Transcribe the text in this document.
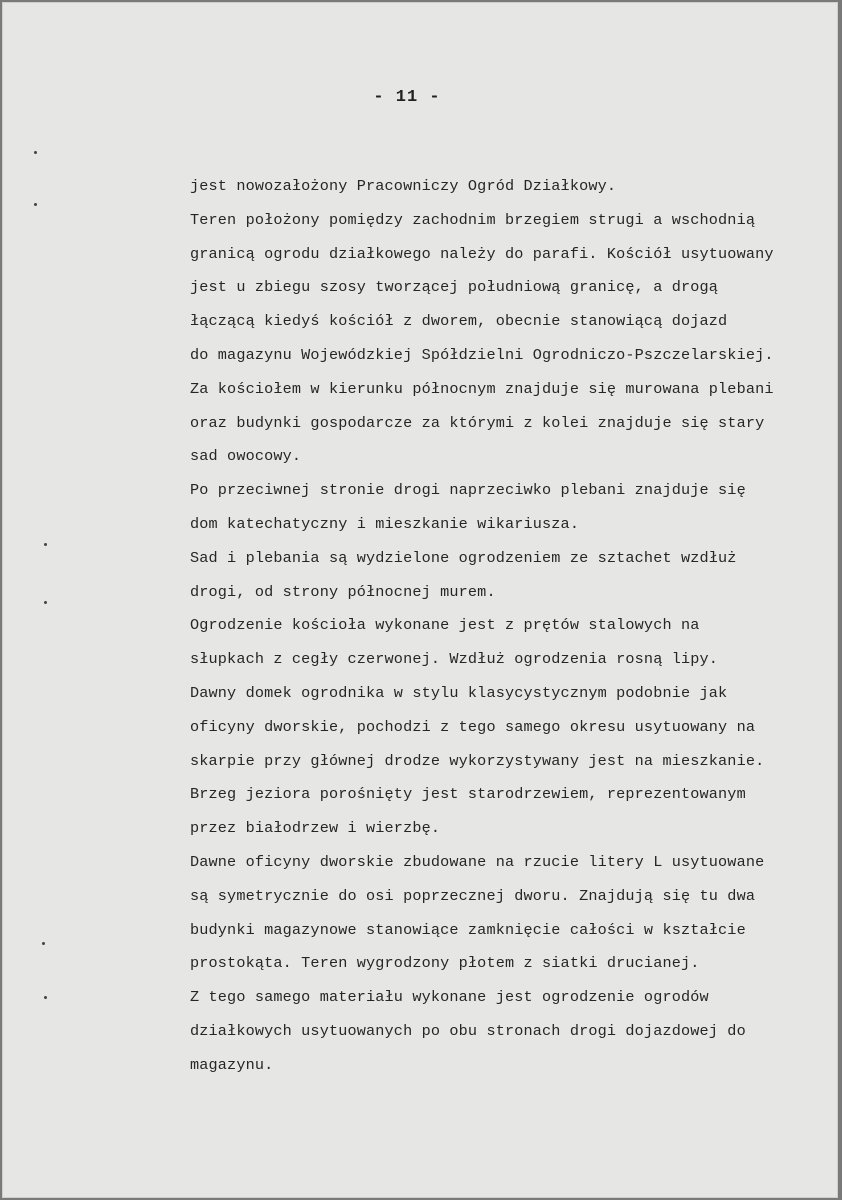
- 11 -
jest nowozałożony Pracowniczy Ogród Działkowy.
Teren położony pomiędzy zachodnim brzegiem strugi a wschodnią
granicą ogrodu działkowego należy do parafi. Kościół usytuowany
jest u zbiegu szosy tworzącej południową granicę, a drogą
łączącą kiedyś kościół z dworem, obecnie stanowiącą dojazd
do magazynu Wojewódzkiej Spółdzielni Ogrodniczo-Pszczelarskiej.
Za kościołem w kierunku północnym znajduje się murowana plebani
oraz budynki gospodarcze za którymi z kolei znajduje się stary
sad owocowy.
Po przeciwnej stronie drogi naprzeciwko plebani znajduje się
dom katechatyczny i mieszkanie wikariusza.
Sad i plebania są wydzielone ogrodzeniem ze sztachet wzdłuż
drogi, od strony północnej murem.
Ogrodzenie kościoła wykonane jest z prętów stalowych na
słupkach z cegły czerwonej. Wzdłuż ogrodzenia rosną lipy.
Dawny domek ogrodnika w stylu klasycystycznym podobnie jak
oficyny dworskie, pochodzi z tego samego okresu usytuowany na
skarpie przy głównej drodze wykorzystywany jest na mieszkanie.
Brzeg jeziora porośnięty jest starodrzewiem, reprezentowanym
przez białodrzew i wierzbę.
Dawne oficyny dworskie zbudowane na rzucie litery L usytuowane
są symetrycznie do osi poprzecznej dworu. Znajdują się tu dwa
budynki magazynowe stanowiące zamknięcie całości w kształcie
prostokąta. Teren wygrodzony płotem z siatki drucianej.
Z tego samego materiału wykonane jest ogrodzenie ogrodów
działkowych usytuowanych po obu stronach drogi dojazdowej do
magazynu.
